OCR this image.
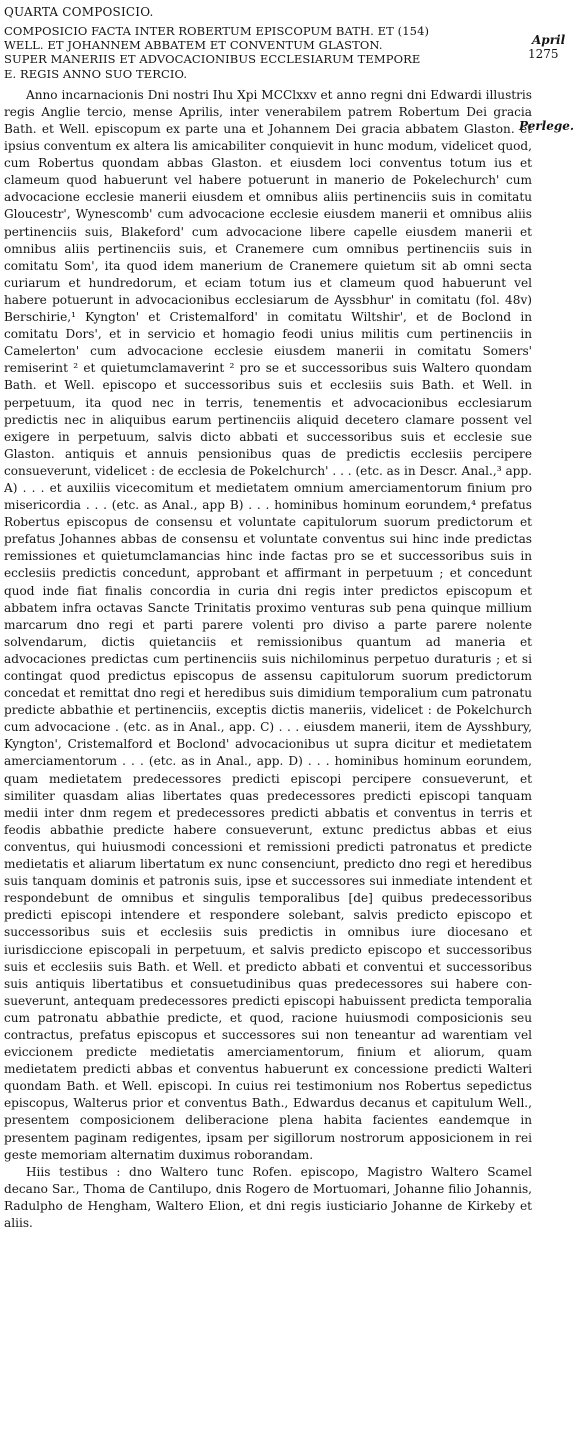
April
1275
Perlege.
QUARTA COMPOSICIO.
COMPOSICIO FACTA INTER ROBERTUM EPISCOPUM BATH. ET (154)
WELL. ET JOHANNEM ABBATEM ET CONVENTUM GLASTON.
SUPER MANERIIS ET ADVOCACIONIBUS ECCLESIARUM TEMPORE
E. REGIS ANNO SUO TERCIO.

Anno incarnacionis Dni nostri Ihu Xpi MCClxxv et anno regni dni Edwardi illustris regis Anglie tercio, mense Aprilis, inter venerabilem patrem Robertum Dei gracia Bath. et Well. episcopum ex parte una et Johannem Dei gracia abbatem Glaston. et ipsius conventum ex altera lis amicabiliter conquievit in hunc modum, videlicet quod, cum Robertus quondam abbas Glaston. et eiusdem loci conventus totum ius et clameum quod habuerunt vel habere potuerunt in manerio de Pokelechurch' cum advocacione ecclesie manerii eiusdem et omnibus aliis pertinenciis suis in comitatu Gloucestr', Wynescomb' cum advocacione ecclesie eiusdem manerii et omnibus aliis pertinenciis suis, Blakeford' cum advocacione libere capelle eiusdem manerii et omnibus aliis pertinenciis suis, et Cranemere cum omnibus pertinenciis suis in comitatu Som', ita quod idem manerium de Cranemere quietum sit ab omni secta curiarum et hundredorum, et eciam totum ius et clameum quod habuerunt vel habere potuerunt in advocacionibus ecclesiarum de Ayssbhur' in comitatu (fol. 48v) Berschirie,¹ Kyngton' et Cristemalford' in comitatu Wiltshir', et de Boclond in comitatu Dors', et in servicio et homagio feodi unius militis cum pertinenciis in Camelerton' cum advocacione ecclesie eiusdem manerii in comitatu Somers' remiserint ² et quietumclamaverint ² pro se et successoribus suis Waltero quondam Bath. et Well. episcopo et successoribus suis et ecclesiis suis Bath. et Well. in perpetuum, ita quod nec in terris, tenementis et advocacionibus ecclesiarum predictis nec in aliquibus earum pertinenciis aliquid decetero clamare possent vel exigere in perpetuum, salvis dicto abbati et successoribus suis et ecclesie sue Glaston. antiquis et annuis pensionibus quas de predictis ecclesiis percipere consueverunt, videlicet : de ecclesia de Pokelchurch' . . . (etc. as in Descr. Anal.,³ app. A) . . . et auxiliis vicecomitum et medietatem omnium amerciamentorum finium pro misericordia . . . (etc. as Anal., app B) . . . hominibus hominum eorundem,⁴ prefatus Robertus episcopus de consensu et voluntate capitulorum suorum predictorum et prefatus Johannes abbas de consensu et voluntate conventus sui hinc inde predictas remissiones et quietumclamancias hinc inde factas pro se et successoribus suis in ecclesiis predictis concedunt, approbant et affirmant in perpetuum ; et concedunt quod inde fiat finalis concordia in curia dni regis inter predictos episcopum et abbatem infra octavas Sancte Trinitatis proximo venturas sub pena quinque millium marcarum dno regi et parti parere volenti pro diviso a parte parere nolente solvendarum, dictis quietanciis et remissionibus quantum ad maneria et advocaciones predictas cum pertinenciis suis nichilominus perpetuo duraturis ; et si contingat quod predictus episcopus de assensu capitulorum suorum predictorum concedat et remittat dno regi et heredibus suis dimidium temporalium cum patronatu predicte abbathie et pertinenciis, exceptis dictis maneriis, videlicet : de Pokelchurch cum advocacione . (etc. as in Anal., app. C) . . . eiusdem manerii, item de Aysshbury, Kyngton', Cristemalford et Boclond' advocacionibus ut supra dicitur et medietatem amerciamentorum . . . (etc. as in Anal., app. D) . . . hominibus hominum eorundem, quam medietatem predecessores predicti episcopi percipere consueverunt, et similiter quasdam alias libertates quas predecessores predicti episcopi tanquam medii inter dnm regem et predecessores predicti abbatis et conventus in terris et feodis abbathie predicte habere consueverunt, extunc predictus abbas et eius conventus, qui huiusmodi concessioni et remissioni predicti patronatus et predicte medietatis et aliarum libertatum ex nunc consenciunt, predicto dno regi et heredibus suis tanquam dominis et patronis suis, ipse et successores sui inmediate intendent et respondebunt de omnibus et singulis temporalibus [de] quibus predecessoribus predicti episcopi intendere et respondere solebant, salvis predicto episcopo et successoribus suis et ecclesiis suis predictis in omnibus iure diocesano et iurisdiccione episcopali in perpetuum, et salvis predicto episcopo et successoribus suis et ecclesiis suis Bath. et Well. et predicto abbati et conventui et successoribus suis antiquis libertatibus et consuetudinibus quas predecessores sui habere consueverunt, antequam predecessores predicti episcopi habuissent predicta temporalia cum patronatu abbathie predicte, et quod, racione huiusmodi composicionis seu contractus, prefatus episcopus et successores sui non teneantur ad warentiam vel eviccionem predicte medietatis amerciamentorum, finium et aliorum, quam medietatem predicti abbas et conventus habuerunt ex concessione predicti Walteri quondam Bath. et Well. episcopi. In cuius rei testimonium nos Robertus sepedictus episcopus, Walterus prior et conventus Bath., Edwardus decanus et capitulum Well., presentem composicionem deliberacione plena habita facientes eandemque in presentem paginam redigentes, ipsam per sigillorum nostrorum apposicionem in rei geste memoriam alternatim duximus roborandam.

Hiis testibus : dno Waltero tunc Rofen. episcopo, Magistro Waltero Scamel decano Sar., Thoma de Cantilupo, dnis Rogero de Mortuomari, Johanne filio Johannis, Radulpho de Hengham, Waltero Elion, et dni regis iusticiario Johanne de Kirkeby et aliis.
